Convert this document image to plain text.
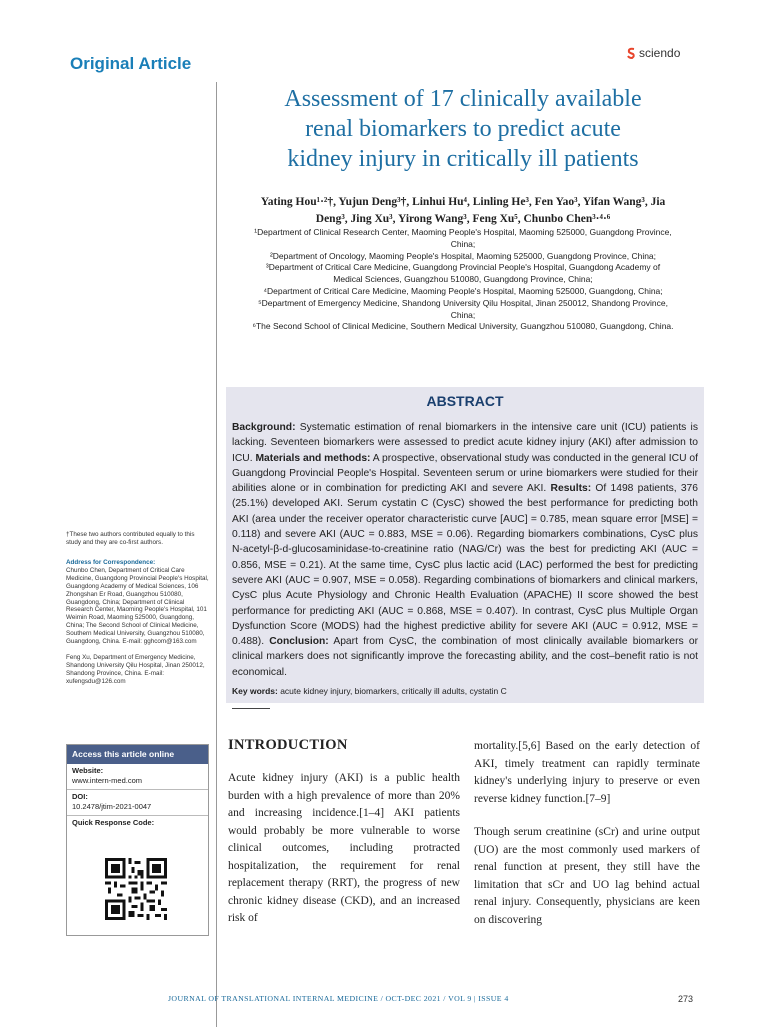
Original Article
sciendo
Assessment of 17 clinically available
renal biomarkers to predict acute
kidney injury in critically ill patients
Yating Hou¹·²†, Yujun Deng³†, Linhui Hu⁴, Linling He³, Fen Yao³, Yifan Wang³, Jia
Deng³, Jing Xu³, Yirong Wang³, Feng Xu⁵, Chunbo Chen³·⁴·⁶
¹Department of Clinical Research Center, Maoming People's Hospital, Maoming 525000, Guangdong Province,
China;
²Department of Oncology, Maoming People's Hospital, Maoming 525000, Guangdong Province, China;
³Department of Critical Care Medicine, Guangdong Provincial People's Hospital, Guangdong Academy of
Medical Sciences, Guangzhou 510080, Guangdong Province, China;
⁴Department of Critical Care Medicine, Maoming People's Hospital, Maoming 525000, Guangdong, China;
⁵Department of Emergency Medicine, Shandong University Qilu Hospital, Jinan 250012, Shandong Province,
China;
⁶The Second School of Clinical Medicine, Southern Medical University, Guangzhou 510080, Guangdong, China.
ABSTRACT
Background: Systematic estimation of renal biomarkers in the intensive care unit (ICU) patients is lacking. Seventeen biomarkers were assessed to predict acute kidney injury (AKI) after admission to ICU. Materials and methods: A prospective, observational study was conducted in the general ICU of Guangdong Provincial People's Hospital. Seventeen serum or urine biomarkers were studied for their abilities alone or in combination for predicting AKI and severe AKI. Results: Of 1498 patients, 376 (25.1%) developed AKI. Serum cystatin C (CysC) showed the best performance for predicting both AKI (area under the receiver operator characteristic curve [AUC] = 0.785, mean square error [MSE] = 0.118) and severe AKI (AUC = 0.883, MSE = 0.06). Regarding biomarkers combinations, CysC plus N-acetyl-β-d-glucosaminidase-to-creatinine ratio (NAG/Cr) was the best for predicting AKI (AUC = 0.856, MSE = 0.21). At the same time, CysC plus lactic acid (LAC) performed the best for predicting severe AKI (AUC = 0.907, MSE = 0.058). Regarding combinations of biomarkers and clinical markers, CysC plus Acute Physiology and Chronic Health Evaluation (APACHE) II score showed the best performance for predicting AKI (AUC = 0.868, MSE = 0.407). In contrast, CysC plus Multiple Organ Dysfunction Score (MODS) had the highest predictive ability for severe AKI (AUC = 0.912, MSE = 0.488). Conclusion: Apart from CysC, the combination of most clinically available biomarkers or clinical markers does not significantly improve the forecasting ability, and the cost–benefit ratio is not economical.
Key words: acute kidney injury, biomarkers, critically ill adults, cystatin C
†These two authors contributed equally to this study and they are co-first authors.
Address for Correspondence:
Chunbo Chen, Department of Critical Care Medicine, Guangdong Provincial People's Hospital, Guangdong Academy of Medical Sciences, 106 Zhongshan Er Road, Guangzhou 510080, Guangdong, China; Department of Clinical Research Center, Maoming People's Hospital, 101 Weimin Road, Maoming 525000, Guangdong, China; The Second School of Clinical Medicine, Southern Medical University, Guangzhou 510080, Guangdong, China. E-mail: gghcom@163.com
Feng Xu, Department of Emergency Medicine, Shandong University Qilu Hospital, Jinan 250012, Shandong Province, China. E-mail: xufengsdu@126.com
Access this article online
Website:
www.intern-med.com
DOI:
10.2478/jtim-2021-0047
Quick Response Code:
INTRODUCTION
Acute kidney injury (AKI) is a public health burden with a high prevalence of more than 20% and increasing incidence.[1–4] AKI patients would probably be more vulnerable to worse clinical outcomes, including protracted hospitalization, the requirement for renal replacement therapy (RRT), the progress of new chronic kidney disease (CKD), and an increased risk of
mortality.[5,6] Based on the early detection of AKI, timely treatment can rapidly terminate kidney's underlying injury to preserve or even reverse kidney function.[7–9]
Though serum creatinine (sCr) and urine output (UO) are the most commonly used markers of renal function at present, they still have the limitation that sCr and UO lag behind actual renal injury. Consequently, physicians are keen on discovering
JOURNAL OF TRANSLATIONAL INTERNAL MEDICINE / OCT-DEC 2021 / VOL 9 | ISSUE 4	273
